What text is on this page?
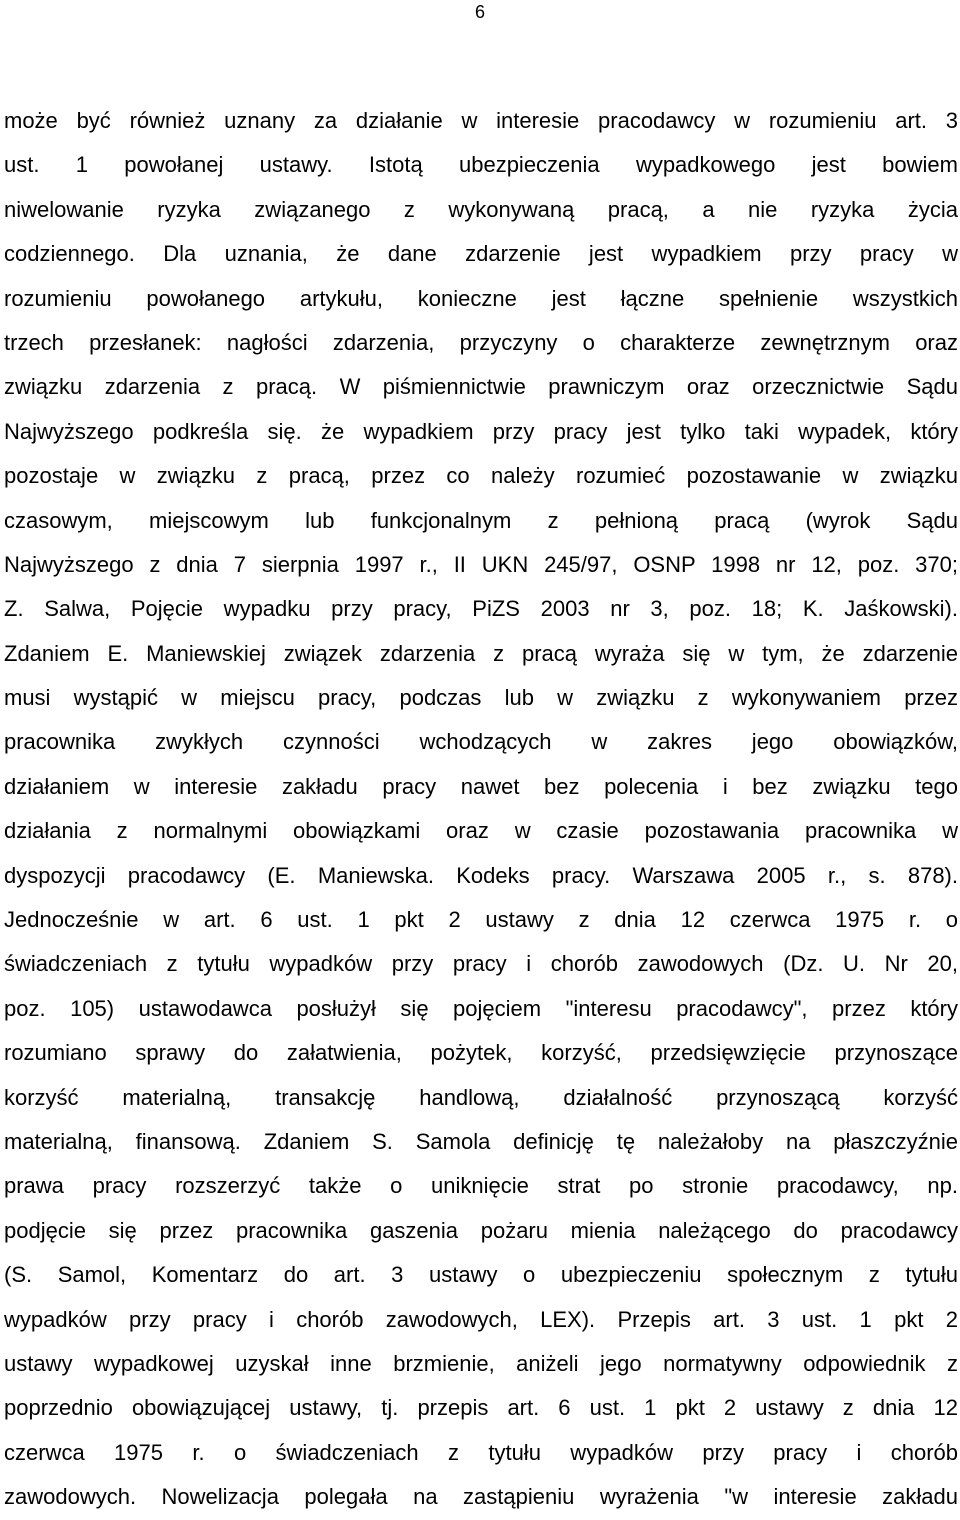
6
może być również uznany za działanie w interesie pracodawcy w rozumieniu art. 3
ust. 1 powołanej ustawy. Istotą ubezpieczenia wypadkowego jest bowiem
niwelowanie ryzyka związanego z wykonywaną pracą, a nie ryzyka życia
codziennego. Dla uznania, że dane zdarzenie jest wypadkiem przy pracy w
rozumieniu powołanego artykułu, konieczne jest łączne spełnienie wszystkich
trzech przesłanek: nagłości zdarzenia, przyczyny o charakterze zewnętrznym oraz
związku zdarzenia z pracą. W piśmiennictwie prawniczym oraz orzecznictwie Sądu
Najwyższego podkreśla się. że wypadkiem przy pracy jest tylko taki wypadek, który
pozostaje w związku z pracą, przez co należy rozumieć pozostawanie w związku
czasowym, miejscowym lub funkcjonalnym z pełnioną pracą (wyrok Sądu
Najwyższego z dnia 7 sierpnia 1997 r., II UKN 245/97, OSNP 1998 nr 12, poz. 370;
Z. Salwa, Pojęcie wypadku przy pracy, PiZS 2003 nr 3, poz. 18; K. Jaśkowski).
Zdaniem E. Maniewskiej związek zdarzenia z pracą wyraża się w tym, że zdarzenie
musi wystąpić w miejscu pracy, podczas lub w związku z wykonywaniem przez
pracownika zwykłych czynności wchodzących w zakres jego obowiązków,
działaniem w interesie zakładu pracy nawet bez polecenia i bez związku tego
działania z normalnymi obowiązkami oraz w czasie pozostawania pracownika w
dyspozycji pracodawcy (E. Maniewska. Kodeks pracy. Warszawa 2005 r., s. 878).
Jednocześnie w art. 6 ust. 1 pkt 2 ustawy z dnia 12 czerwca 1975 r. o
świadczeniach z tytułu wypadków przy pracy i chorób zawodowych (Dz. U. Nr 20,
poz. 105) ustawodawca posłużył się pojęciem "interesu pracodawcy", przez który
rozumiano sprawy do załatwienia, pożytek, korzyść, przedsięwzięcie przynoszące
korzyść materialną, transakcję handlową, działalność przynoszącą korzyść
materialną, finansową. Zdaniem S. Samola definicję tę należałoby na płaszczyźnie
prawa pracy rozszerzyć także o uniknięcie strat po stronie pracodawcy, np.
podjęcie się przez pracownika gaszenia pożaru mienia należącego do pracodawcy
(S. Samol, Komentarz do art. 3 ustawy o ubezpieczeniu społecznym z tytułu
wypadków przy pracy i chorób zawodowych, LEX). Przepis art. 3 ust. 1 pkt 2
ustawy wypadkowej uzyskał inne brzmienie, aniżeli jego normatywny odpowiednik z
poprzednio obowiązującej ustawy, tj. przepis art. 6 ust. 1 pkt 2 ustawy z dnia 12
czerwca 1975 r. o świadczeniach z tytułu wypadków przy pracy i chorób
zawodowych. Nowelizacja polegała na zastąpieniu wyrażenia "w interesie zakładu
